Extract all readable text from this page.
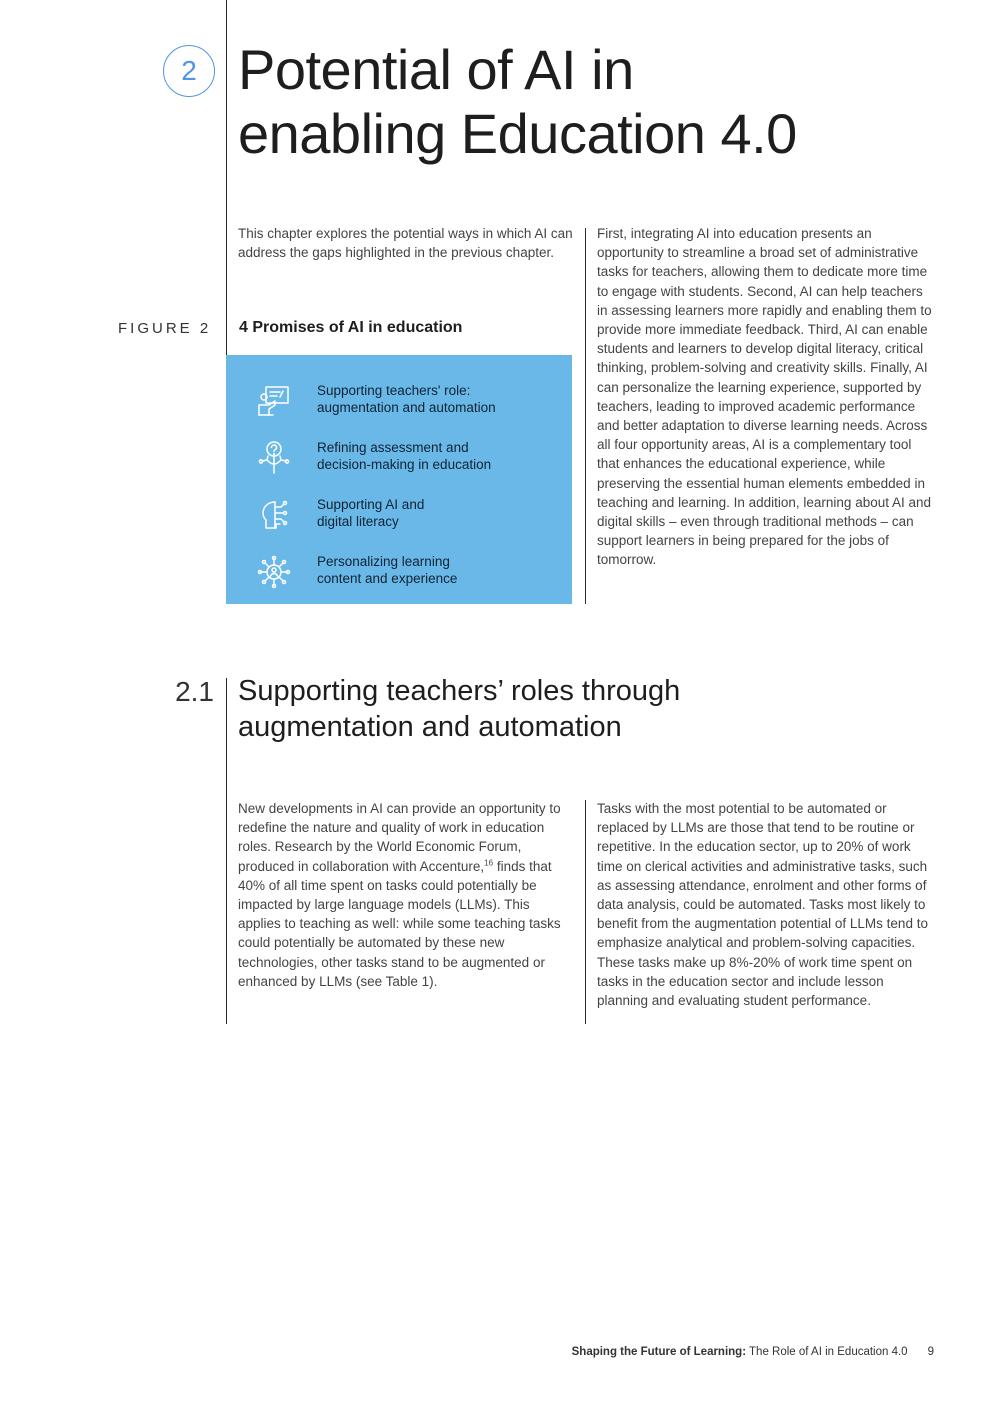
2 Potential of AI in
enabling Education 4.0

This chapter explores the potential ways in which AI can address the gaps highlighted in the previous chapter.

First, integrating AI into education presents an opportunity to streamline a broad set of administrative tasks for teachers, allowing them to dedicate more time to engage with students. Second, AI can help teachers in assessing learners more rapidly and enabling them to provide more immediate feedback. Third, AI can enable students and learners to develop digital literacy, critical thinking, problem-solving and creativity skills. Finally, AI can personalize the learning experience, supported by teachers, leading to improved academic performance and better adaptation to diverse learning needs. Across all four opportunity areas, AI is a complementary tool that enhances the educational experience, while preserving the essential human elements embedded in teaching and learning. In addition, learning about AI and digital skills – even through traditional methods – can support learners in being prepared for the jobs of tomorrow.

FIGURE 2	4 Promises of AI in education
Supporting teachers' role:
augmentation and automation
Refining assessment and
decision-making in education
Supporting AI and
digital literacy
Personalizing learning
content and experience
2.1 Supporting teachers’ roles through
augmentation and automation

New developments in AI can provide an opportunity to redefine the nature and quality of work in education roles. Research by the World Economic Forum, produced in collaboration with Accenture,$^{16}$ finds that 40% of all time spent on tasks could potentially be impacted by large language models (LLMs). This applies to teaching as well: while some teaching tasks could potentially be automated by these new technologies, other tasks stand to be augmented or enhanced by LLMs (see Table 1).

Tasks with the most potential to be automated or replaced by LLMs are those that tend to be routine or repetitive. In the education sector, up to 20% of work time on clerical activities and administrative tasks, such as assessing attendance, enrolment and other forms of data analysis, could be automated. Tasks most likely to benefit from the augmentation potential of LLMs tend to emphasize analytical and problem-solving capacities. These tasks make up 8%-20% of work time spent on tasks in the education sector and include lesson planning and evaluating student performance.

Shaping the Future of Learning: The Role of AI in Education 4.0 9
